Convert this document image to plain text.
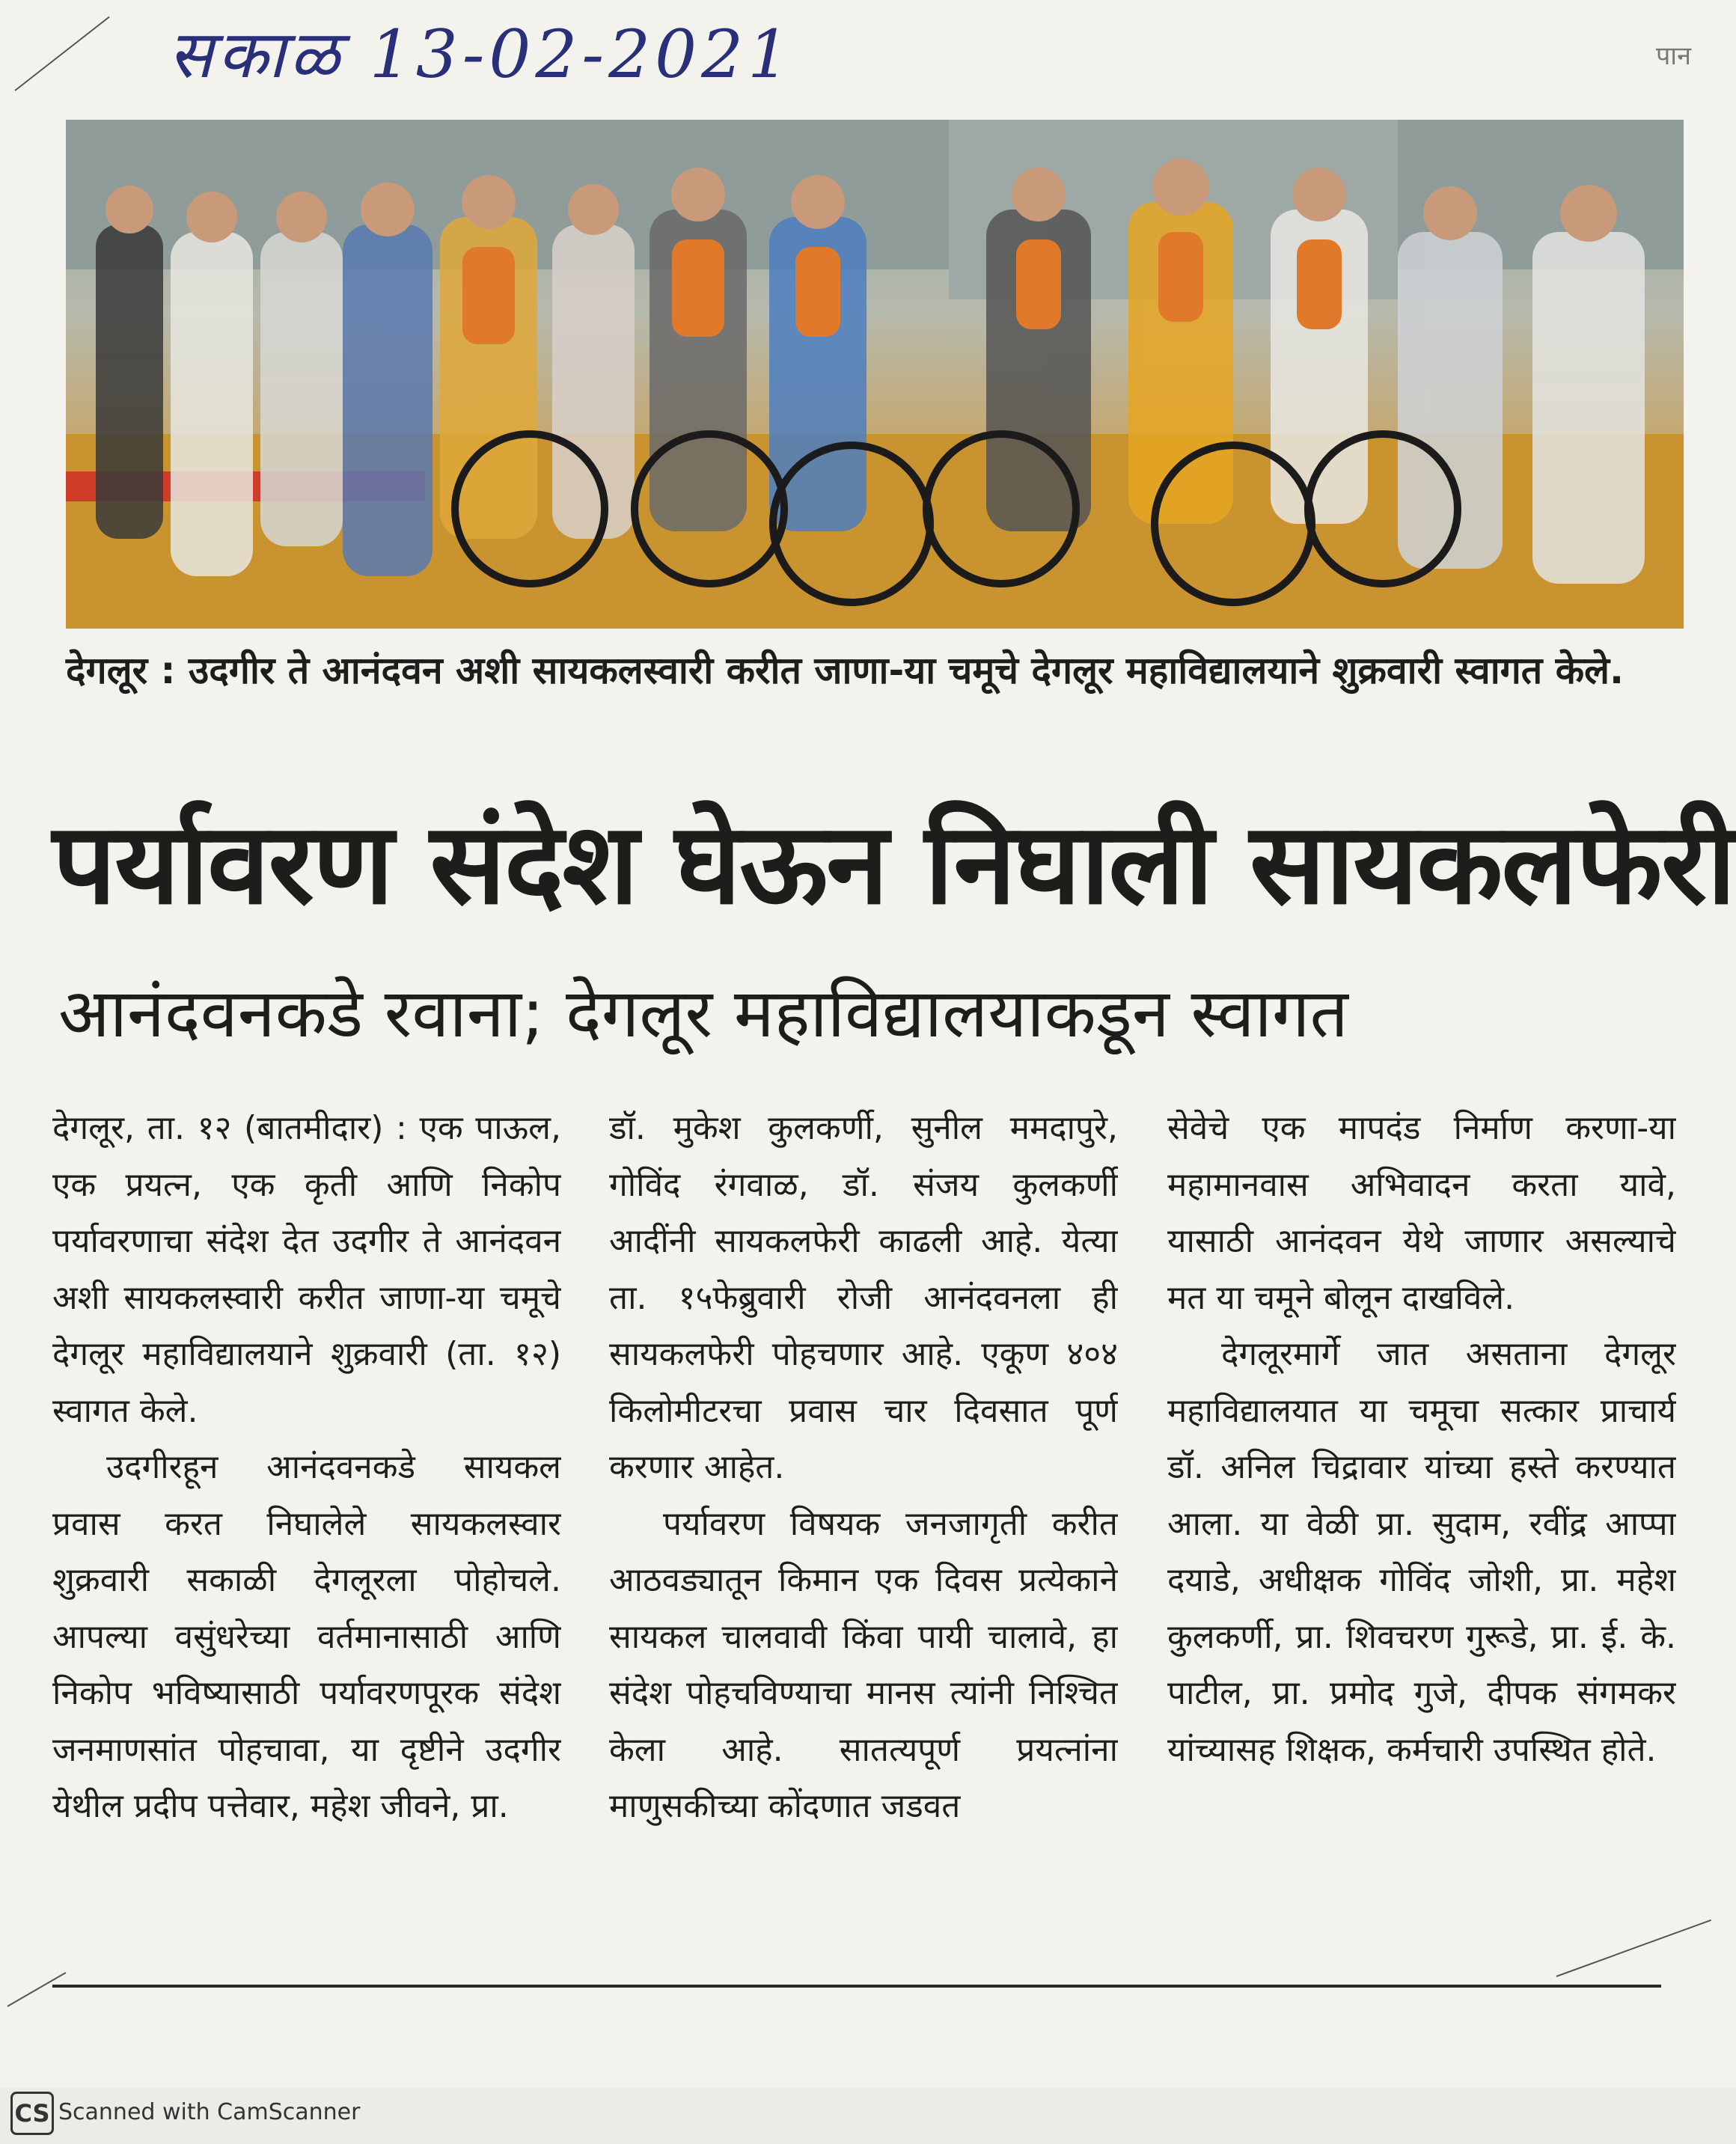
सकाळ 13-02-2021	पान
देगलूर : उदगीर ते आनंदवन अशी सायकलस्वारी करीत जाणा-या चमूचे देगलूर महाविद्यालयाने शुक्रवारी स्वागत केले.
पर्यावरण संदेश घेऊन निघाली सायकलफेरी
आनंदवनकडे रवाना; देगलूर महाविद्यालयाकडून स्वागत

देगलूर, ता. १२ (बातमीदार) : एक पाऊल, एक प्रयत्न, एक कृती आणि निकोप पर्यावरणाचा संदेश देत उदगीर ते आनंदवन अशी सायकलस्वारी करीत जाणा-या चमूचे देगलूर महाविद्यालयाने शुक्रवारी (ता. १२) स्वागत केले.

उदगीरहून आनंदवनकडे सायकल प्रवास करत निघालेले सायकलस्वार शुक्रवारी सकाळी देगलूरला पोहोचले. आपल्या वसुंधरेच्या वर्तमानासाठी आणि निकोप भविष्यासाठी पर्यावरणपूरक संदेश जनमाणसांत पोहचावा, या दृष्टीने उदगीर येथील प्रदीप पत्तेवार, महेश जीवने, प्रा.

डॉ. मुकेश कुलकर्णी, सुनील ममदापुरे, गोविंद रंगवाळ, डॉ. संजय कुलकर्णी आदींनी सायकलफेरी काढली आहे. येत्या ता. १५फेब्रुवारी रोजी आनंदवनला ही सायकलफेरी पोहचणार आहे. एकूण ४०४ किलोमीटरचा प्रवास चार दिवसात पूर्ण करणार आहेत.

पर्यावरण विषयक जनजागृती करीत आठवड्यातून किमान एक दिवस प्रत्येकाने सायकल चालवावी किंवा पायी चालावे, हा संदेश पोहचविण्याचा मानस त्यांनी निश्चित केला आहे. सातत्यपूर्ण प्रयत्नांना माणुसकीच्या कोंदणात जडवत

सेवेचे एक मापदंड निर्माण करणा-या महामानवास अभिवादन करता यावे, यासाठी आनंदवन येथे जाणार असल्याचे मत या चमूने बोलून दाखविले.

देगलूरमार्गे जात असताना देगलूर महाविद्यालयात या चमूचा सत्कार प्राचार्य डॉ. अनिल चिद्रावार यांच्या हस्ते करण्यात आला. या वेळी प्रा. सुदाम, रवींद्र आप्पा दयाडे, अधीक्षक गोविंद जोशी, प्रा. महेश कुलकर्णी, प्रा. शिवचरण गुरूडे, प्रा. ई. के. पाटील, प्रा. प्रमोद गुजे, दीपक संगमकर यांच्यासह शिक्षक, कर्मचारी उपस्थित होते.

CS Scanned with CamScanner
